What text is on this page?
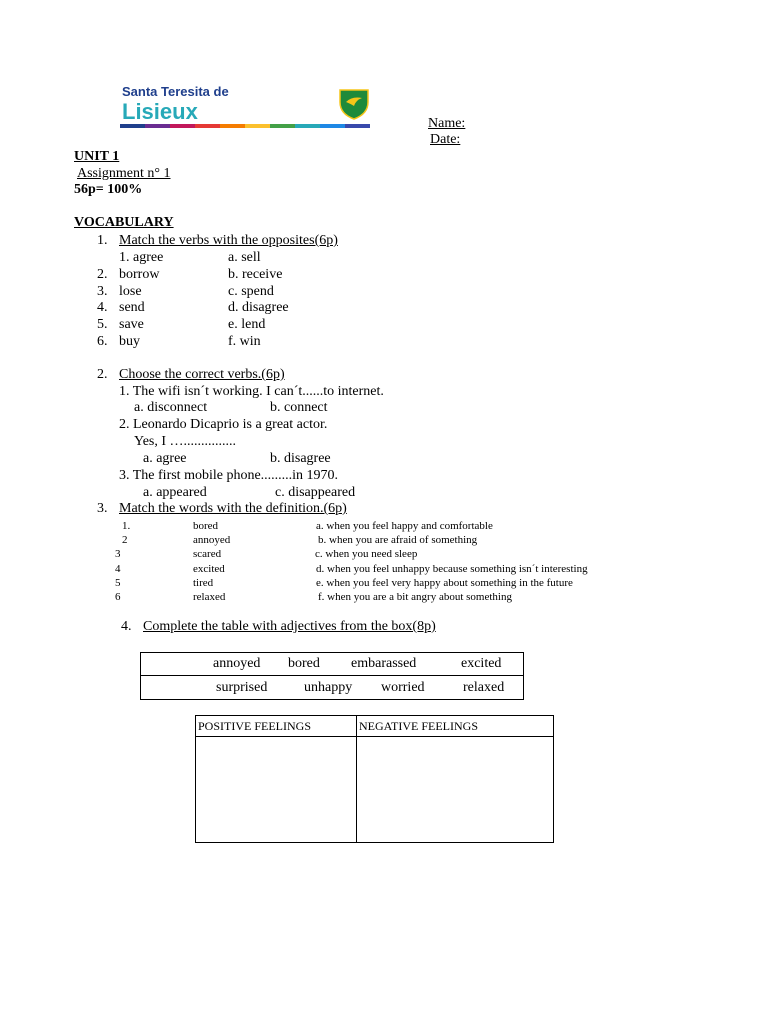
Santa Teresita de
Lisieux	Name:
Date:
UNIT 1
Assignment n° 1
56p= 100%
VOCABULARY
1. Match the verbs with the opposites(6p)
1. agree	a. sell
2. borrow	b. receive
3. lose	c. spend
4. send	d. disagree
5. save	e. lend
6. buy	f. win
2. Choose the correct verbs.(6p)
1. The wifi isn´t working. I can´t......to internet.
a. disconnect	b. connect
2. Leonardo Dicaprio is a great actor.
Yes, I …...............
a. agree	b. disagree
3. The first mobile phone.........in 1970.
a. appeared	c. disappeared
3. Match the words with the definition.(6p)
1.	bored	a. when you feel happy and comfortable
2	annoyed	b. when you are afraid of something
3	scared	c. when you need sleep
4	excited	d. when you feel unhappy because something isn´t interesting
5	tired	e. when you feel very happy about something in the future
6	relaxed	f. when you are a bit angry about something
4. Complete the table with adjectives from the box(8p)
annoyed bored embarassed	excited
surprised	unhappy worried	relaxed
POSITIVE FEELINGS	NEGATIVE FEELINGS
